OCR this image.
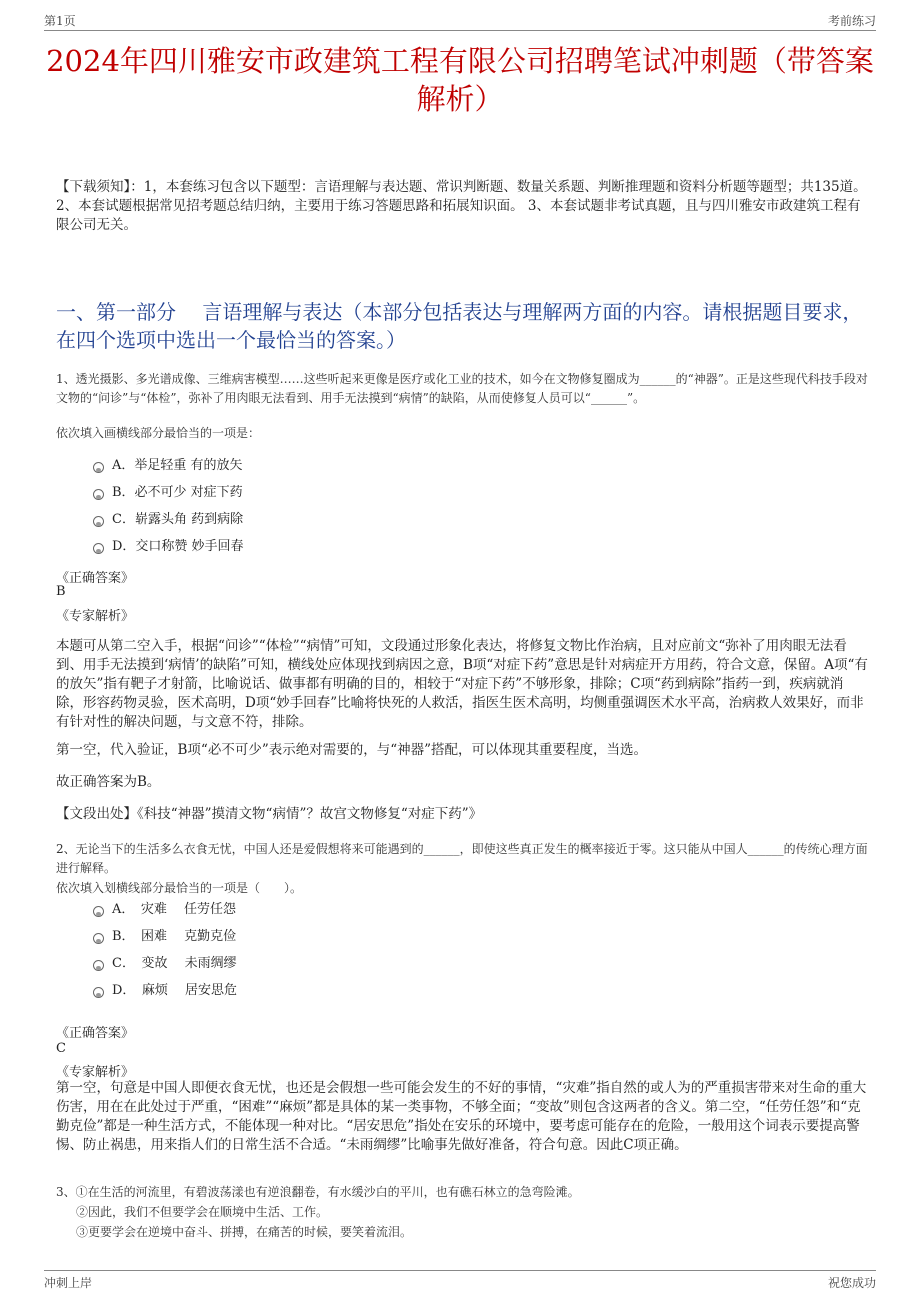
第1页	考前练习
2024年四川雅安市政建筑工程有限公司招聘笔试冲刺题（带答案解析）
【下载须知】：1，本套练习包含以下题型：言语理解与表达题、常识判断题、数量关系题、判断推理题和资料分析题等题型；共135道。 2、本套试题根据常见招考题总结归纳，主要用于练习答题思路和拓展知识面。 3、本套试题非考试真题，且与四川雅安市政建筑工程有限公司无关。
一、第一部分　 言语理解与表达（本部分包括表达与理解两方面的内容。请根据题目要求，在四个选项中选出一个最恰当的答案。）
1、透光摄影、多光谱成像、三维病害模型……这些听起来更像是医疗或化工业的技术，如今在文物修复圈成为______的“神器”。正是这些现代科技手段对文物的“问诊”与“体检”，弥补了用肉眼无法看到、用手无法摸到“病情”的缺陷，从而使修复人员可以“______”。
依次填入画横线部分最恰当的一项是：
A．举足轻重 有的放矢
B．必不可少 对症下药
C．崭露头角 药到病除
D．交口称赞 妙手回春
《正确答案》
B
《专家解析》
本题可从第二空入手，根据“问诊”“体检”“病情”可知，文段通过形象化表达，将修复文物比作治病，且对应前文“弥补了用肉眼无法看到、用手无法摸到‘病情’的缺陷”可知，横线处应体现找到病因之意，B项“对症下药”意思是针对病症开方用药，符合文意，保留。A项“有的放矢”指有靶子才射箭，比喻说话、做事都有明确的目的，相较于“对症下药”不够形象，排除；C项“药到病除”指药一到，疾病就消除，形容药物灵验，医术高明，D项“妙手回春”比喻将快死的人救活，指医生医术高明，均侧重强调医术水平高，治病救人效果好，而非有针对性的解决问题，与文意不符，排除。
第一空，代入验证，B项“必不可少”表示绝对需要的，与“神器”搭配，可以体现其重要程度，当选。
故正确答案为B。
【文段出处】《科技“神器”摸清文物“病情”？故宫文物修复“对症下药”》
2、无论当下的生活多么衣食无忧，中国人还是爱假想将来可能遇到的______，即使这些真正发生的概率接近于零。这只能从中国人______的传统心理方面进行解释。
依次填入划横线部分最恰当的一项是（　　）。
A．　灾难　 任劳任怨
B．　困难　 克勤克俭
C．　变故　 未雨绸缪
D．　麻烦　 居安思危
《正确答案》
C
《专家解析》
第一空，句意是中国人即便衣食无忧，也还是会假想一些可能会发生的不好的事情，“灾难”指自然的或人为的严重损害带来对生命的重大伤害，用在在此处过于严重，“困难”“麻烦”都是具体的某一类事物，不够全面；“变故”则包含这两者的含义。第二空，“任劳任怨”和“克勤克俭”都是一种生活方式，不能体现一种对比。“居安思危”指处在安乐的环境中，要考虑可能存在的危险，一般用这个词表示要提高警惕、防止祸患，用来指人们的日常生活不合适。“未雨绸缪”比喻事先做好准备，符合句意。因此C项正确。
3、①在生活的河流里，有碧波荡漾也有逆浪翻卷，有水缓沙白的平川，也有礁石林立的急弯险滩。
②因此，我们不但要学会在顺境中生活、工作。
③更要学会在逆境中奋斗、拼搏，在痛苦的时候，要笑着流泪。
冲刺上岸	祝您成功
